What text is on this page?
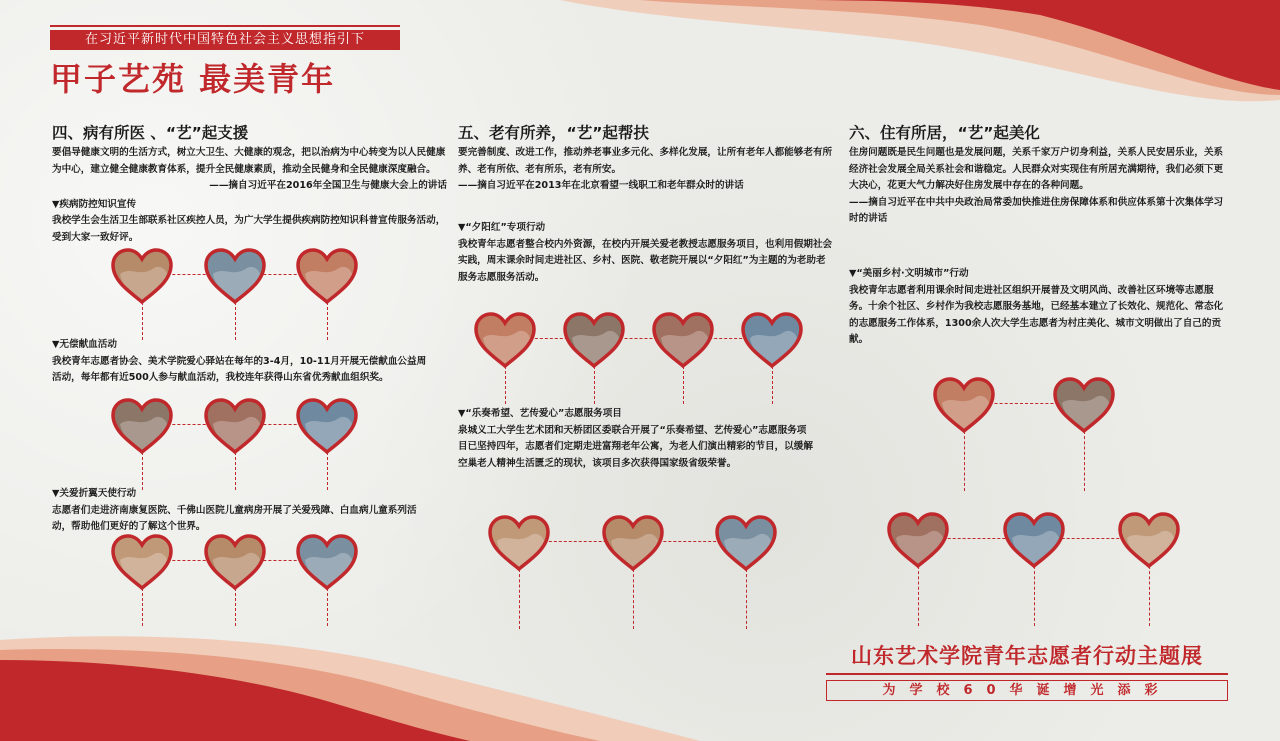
在习近平新时代中国特色社会主义思想指引下
甲子艺苑 最美青年
四、病有所医 、“艺”起支援

要倡导健康文明的生活方式，树立大卫生、大健康的观念，把以治病为中心转变为以人民健康为中心，建立健全健康教育体系，提升全民健康素质，推动全民健身和全民健康深度融合。

——摘自习近平在2016年全国卫生与健康大会上的讲话

▼疾病防控知识宣传

我校学生会生活卫生部联系社区疾控人员，为广大学生提供疾病防控知识科普宣传服务活动，受到大家一致好评。

▼无偿献血活动

我校青年志愿者协会、美术学院爱心驿站在每年的3-4月，10-11月开展无偿献血公益周活动，每年都有近500人参与献血活动，我校连年获得山东省优秀献血组织奖。

▼关爱折翼天使行动

志愿者们走进济南康复医院、千佛山医院儿童病房开展了关爱残障、白血病儿童系列活动，帮助他们更好的了解这个世界。

五、老有所养，“艺”起帮扶

要完善制度、改进工作，推动养老事业多元化、多样化发展，让所有老年人都能够老有所养、老有所依、老有所乐，老有所安。

——摘自习近平在2013年在北京看望一线职工和老年群众时的讲话

▼“夕阳红”专项行动

我校青年志愿者整合校内外资源，在校内开展关爱老教授志愿服务项目，也利用假期社会实践，周末课余时间走进社区、乡村、医院、敬老院开展以“夕阳红”为主题的为老助老服务志愿服务活动。

▼“乐奏希望、艺传爱心”志愿服务项目

泉城义工大学生艺术团和天桥团区委联合开展了“乐奏希望、艺传爱心”志愿服务项目已坚持四年，志愿者们定期走进富翔老年公寓，为老人们演出精彩的节目，以缓解空巢老人精神生活匮乏的现状，该项目多次获得国家级省级荣誉。

六、住有所居，“艺”起美化

住房问题既是民生问题也是发展问题，关系千家万户切身利益，关系人民安居乐业，关系经济社会发展全局关系社会和谐稳定。人民群众对实现住有所居充满期待，我们必须下更大决心，花更大气力解决好住房发展中存在的各种问题。

——摘自习近平在中共中央政治局常委加快推进住房保障体系和供应体系第十次集体学习时的讲话

▼“美丽乡村·文明城市”行动

我校青年志愿者利用课余时间走进社区组织开展普及文明风尚、改善社区环境等志愿服务。十余个社区、乡村作为我校志愿服务基地，已经基本建立了长效化、规范化、常态化的志愿服务工作体系，1300余人次大学生志愿者为村庄美化、城市文明做出了自己的贡献。

山东艺术学院青年志愿者行动主题展
为学校60华诞增光添彩
